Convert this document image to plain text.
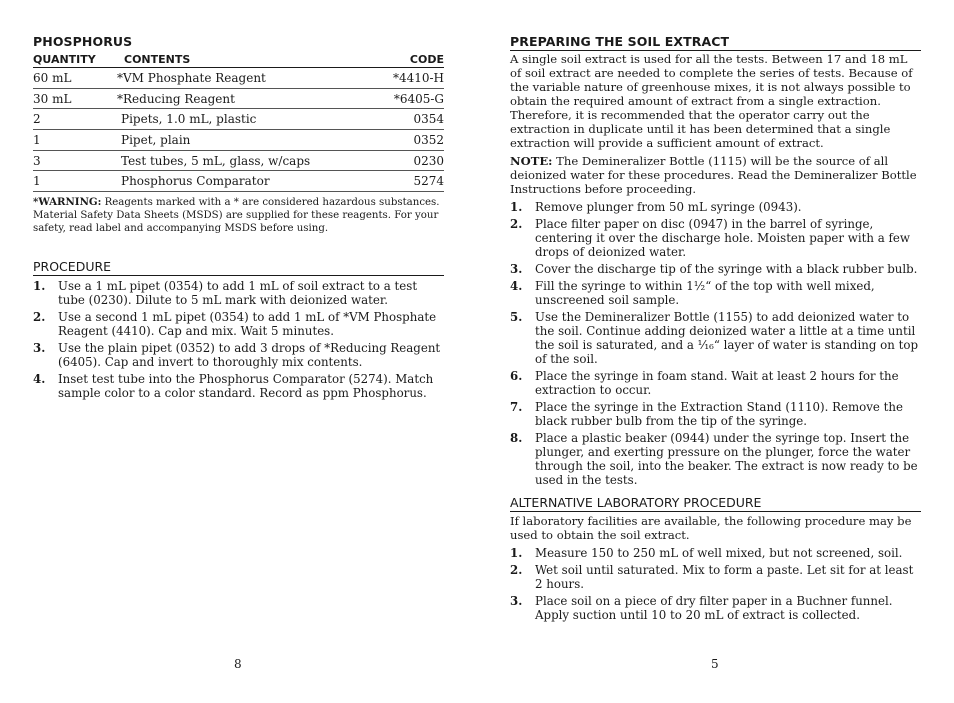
PHOSPHORUS
QUANTITY	CONTENTS	CODE
60 mL	*VM Phosphate Reagent	*4410-H
30 mL	*Reducing Reagent	*6405-G
2	Pipets, 1.0 mL, plastic	0354
1	Pipet, plain	0352
3	Test tubes, 5 mL, glass, w/caps	0230
1	Phosphorus Comparator	5274
*WARNING: Reagents marked with a * are considered hazardous substances. Material Safety Data Sheets (MSDS) are supplied for these reagents. For your safety, read label and accompanying MSDS before using.
PROCEDURE
1.	Use a 1 mL pipet (0354) to add 1 mL of soil extract to a test tube (0230). Dilute to 5 mL mark with deionized water.
2.	Use a second 1 mL pipet (0354) to add 1 mL of *VM Phosphate Reagent (4410). Cap and mix. Wait 5 minutes.
3.	Use the plain pipet (0352) to add 3 drops of *Reducing Reagent (6405). Cap and invert to thoroughly mix contents.
4.	Inset test tube into the Phosphorus Comparator (5274). Match sample color to a color standard. Record as ppm Phosphorus.
8
PREPARING THE SOIL EXTRACT
A single soil extract is used for all the tests. Between 17 and 18 mL of soil extract are needed to complete the series of tests. Because of the variable nature of greenhouse mixes, it is not always possible to obtain the required amount of extract from a single extraction. Therefore, it is recommended that the operator carry out the extraction in duplicate until it has been determined that a single extraction will provide a sufficient amount of extract.
NOTE: The Demineralizer Bottle (1115) will be the source of all deionized water for these procedures. Read the Demineralizer Bottle Instructions before proceeding.
1.	Remove plunger from 50 mL syringe (0943).
2.	Place filter paper on disc (0947) in the barrel of syringe, centering it over the discharge hole. Moisten paper with a few drops of deionized water.
3.	Cover the discharge tip of the syringe with a black rubber bulb.
4.	Fill the syringe to within 1½“ of the top with well mixed, unscreened soil sample.
5.	Use the Demineralizer Bottle (1155) to add deionized water to the soil. Continue adding deionized water a little at a time until the soil is saturated, and a ¹⁄₁₆“ layer of water is standing on top of the soil.
6.	Place the syringe in foam stand. Wait at least 2 hours for the extraction to occur.
7.	Place the syringe in the Extraction Stand (1110). Remove the black rubber bulb from the tip of the syringe.
8.	Place a plastic beaker (0944) under the syringe top. Insert the plunger, and exerting pressure on the plunger, force the water through the soil, into the beaker. The extract is now ready to be used in the tests.
ALTERNATIVE LABORATORY PROCEDURE
If laboratory facilities are available, the following procedure may be used to obtain the soil extract.
1.	Measure 150 to 250 mL of well mixed, but not screened, soil.
2.	Wet soil until saturated. Mix to form a paste. Let sit for at least 2 hours.
3.	Place soil on a piece of dry filter paper in a Buchner funnel. Apply suction until 10 to 20 mL of extract is collected.
5
